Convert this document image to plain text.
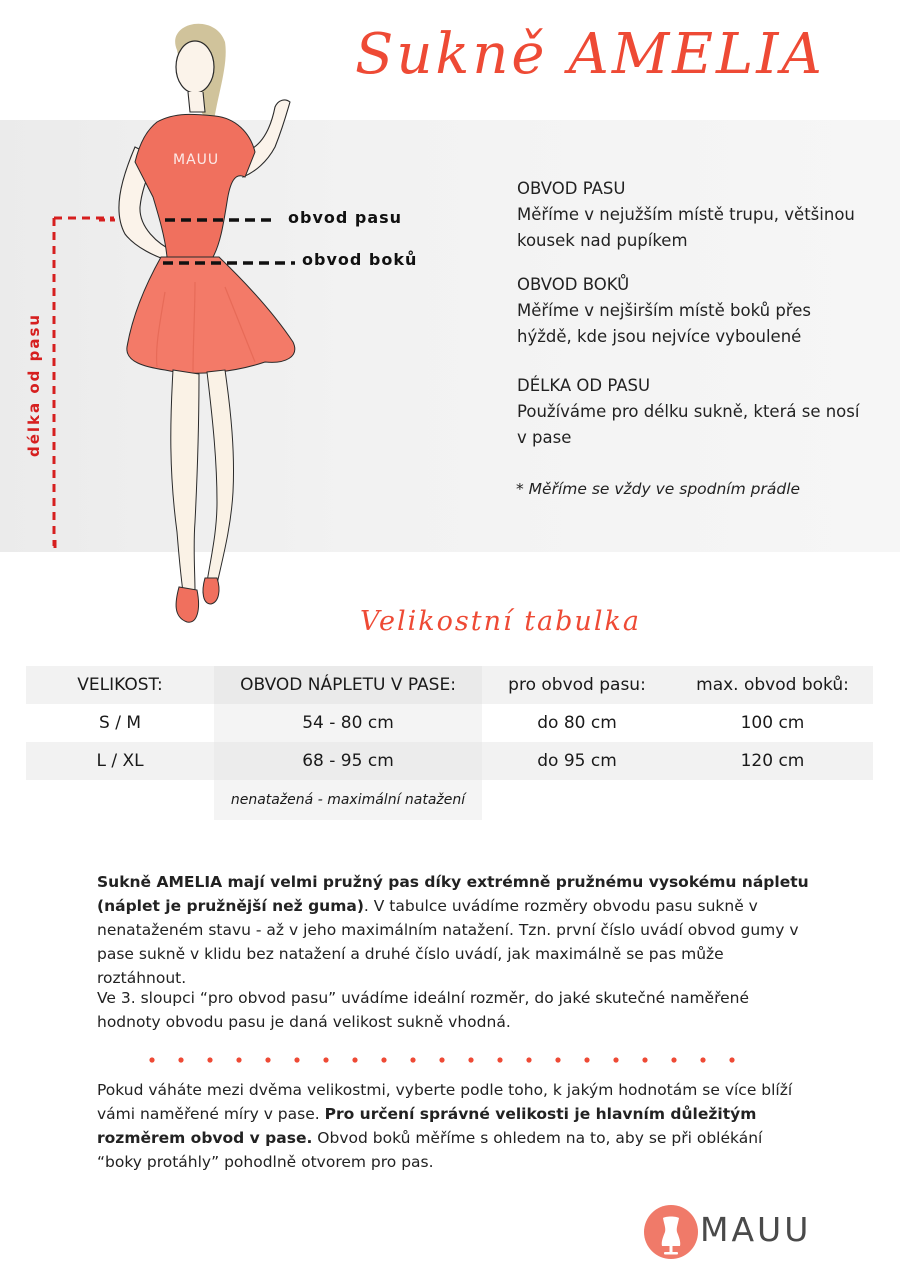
Sukně AMELIA
MAUU
obvod pasu
obvod boků
délka od pasu
OBVOD PASU
Měříme v nejužším místě trupu, většinou kousek nad pupíkem
OBVOD BOKŮ
Měříme v nejširším místě boků přes hýždě, kde jsou nejvíce vyboulené
DÉLKA OD PASU
Používáme pro délku sukně, která se nosí v pase
* Měříme se vždy ve spodním prádle
Velikostní tabulka
VELIKOST:	OBVOD NÁPLETU V PASE:	pro obvod pasu:	max. obvod boků:
S / M	54 - 80 cm	do 80 cm	100 cm
L / XL	68 - 95 cm	do 95 cm	120 cm
	nenatažená - maximální natažení		
Sukně AMELIA mají velmi pružný pas díky extrémně pružnému vysokému nápletu (náplet je pružnější než guma). V tabulce uvádíme rozměry obvodu pasu sukně v nenataženém stavu - až v jeho maximálním natažení. Tzn. první číslo uvádí obvod gumy v pase sukně v klidu bez natažení a druhé číslo uvádí, jak maximálně se pas může roztáhnout.
Ve 3. sloupci “pro obvod pasu” uvádíme ideální rozměr, do jaké skutečné naměřené hodnoty obvodu pasu je daná velikost sukně vhodná.
Pokud váháte mezi dvěma velikostmi, vyberte podle toho, k jakým hodnotám se více blíží vámi naměřené míry v pase. Pro určení správné velikosti je hlavním důležitým rozměrem obvod v pase. Obvod boků měříme s ohledem na to, aby se při oblékání “boky protáhly” pohodlně otvorem pro pas.
MAUU
